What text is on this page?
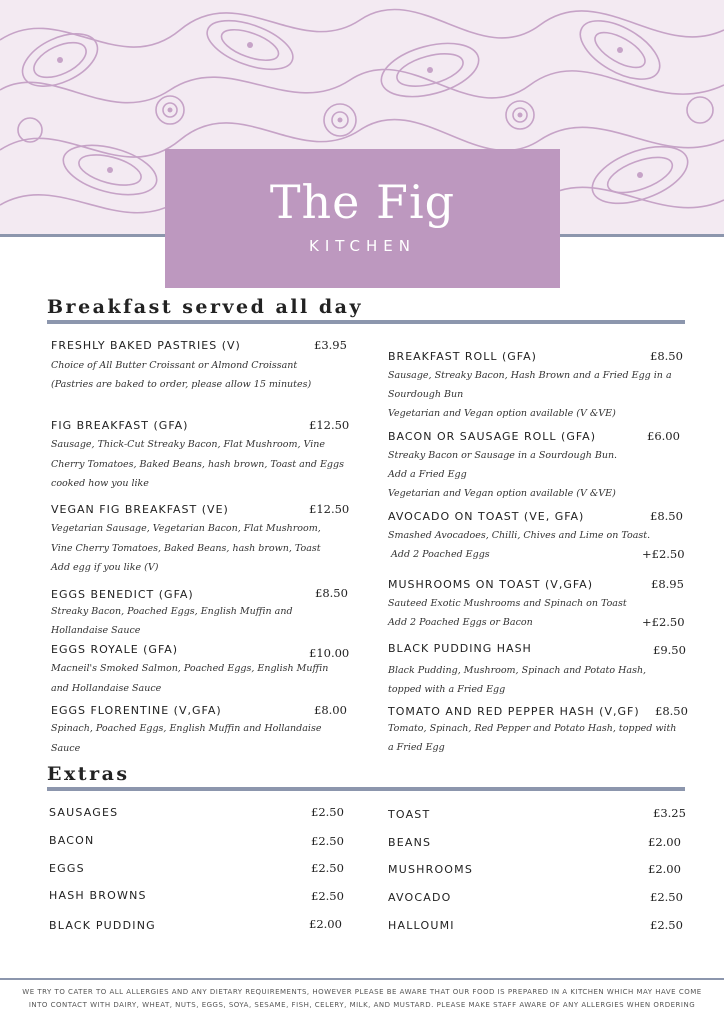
The Fig
KITCHEN
Breakfast served all day
FRESHLY BAKED PASTRIES (V)	£3.95
Choice of All Butter Croissant or Almond Croissant
(Pastries are baked to order, please allow 15 minutes)
FIG BREAKFAST (GFA)	£12.50
Sausage, Thick-Cut Streaky Bacon, Flat Mushroom, Vine
Cherry Tomatoes, Baked Beans, hash brown, Toast and Eggs
cooked how you like
VEGAN FIG BREAKFAST (VE)	£12.50
Vegetarian Sausage, Vegetarian Bacon, Flat Mushroom,
Vine Cherry Tomatoes, Baked Beans, hash brown, Toast
Add egg if you like (V)
EGGS BENEDICT (GFA)	£8.50
Streaky Bacon, Poached Eggs, English Muffin and
Hollandaise Sauce
EGGS ROYALE (GFA)	£10.00
Macneil's Smoked Salmon, Poached Eggs, English Muffin
and Hollandaise Sauce
EGGS FLORENTINE (V,GFA)	£8.00
Spinach, Poached Eggs, English Muffin and Hollandaise
Sauce
BREAKFAST ROLL (GFA)	£8.50
Sausage, Streaky Bacon, Hash Brown and a Fried Egg in a
Sourdough Bun
Vegetarian and Vegan option available (V &VE)
BACON OR SAUSAGE ROLL (GFA)	£6.00
Streaky Bacon or Sausage in a Sourdough Bun.
Add a Fried Egg
Vegetarian and Vegan option available (V &VE)
AVOCADO ON TOAST (VE, GFA)	£8.50
Smashed Avocadoes, Chilli, Chives and Lime on Toast.
Add 2 Poached Eggs	+£2.50
MUSHROOMS ON TOAST (V,GFA)	£8.95
Sauteed Exotic Mushrooms and Spinach on Toast
Add 2 Poached Eggs or Bacon	+£2.50
BLACK PUDDING HASH	£9.50
Black Pudding, Mushroom, Spinach and Potato Hash,
topped with a Fried Egg
TOMATO AND RED PEPPER HASH (V,GF) £8.50
Tomato, Spinach, Red Pepper and Potato Hash, topped with
a Fried Egg
Extras
SAUSAGES	£2.50
BACON	£2.50
EGGS	£2.50
HASH BROWNS	£2.50
BLACK PUDDING	£2.00
TOAST	£3.25
BEANS	£2.00
MUSHROOMS	£2.00
AVOCADO	£2.50
HALLOUMI	£2.50
WE TRY TO CATER TO ALL ALLERGIES AND ANY DIETARY REQUIREMENTS, HOWEVER PLEASE BE AWARE THAT OUR FOOD IS PREPARED IN A KITCHEN WHICH MAY HAVE COME INTO CONTACT WITH DAIRY, WHEAT, NUTS, EGGS, SOYA, SESAME, FISH, CELERY, MILK, AND MUSTARD. PLEASE MAKE STAFF AWARE OF ANY ALLERGIES WHEN ORDERING
